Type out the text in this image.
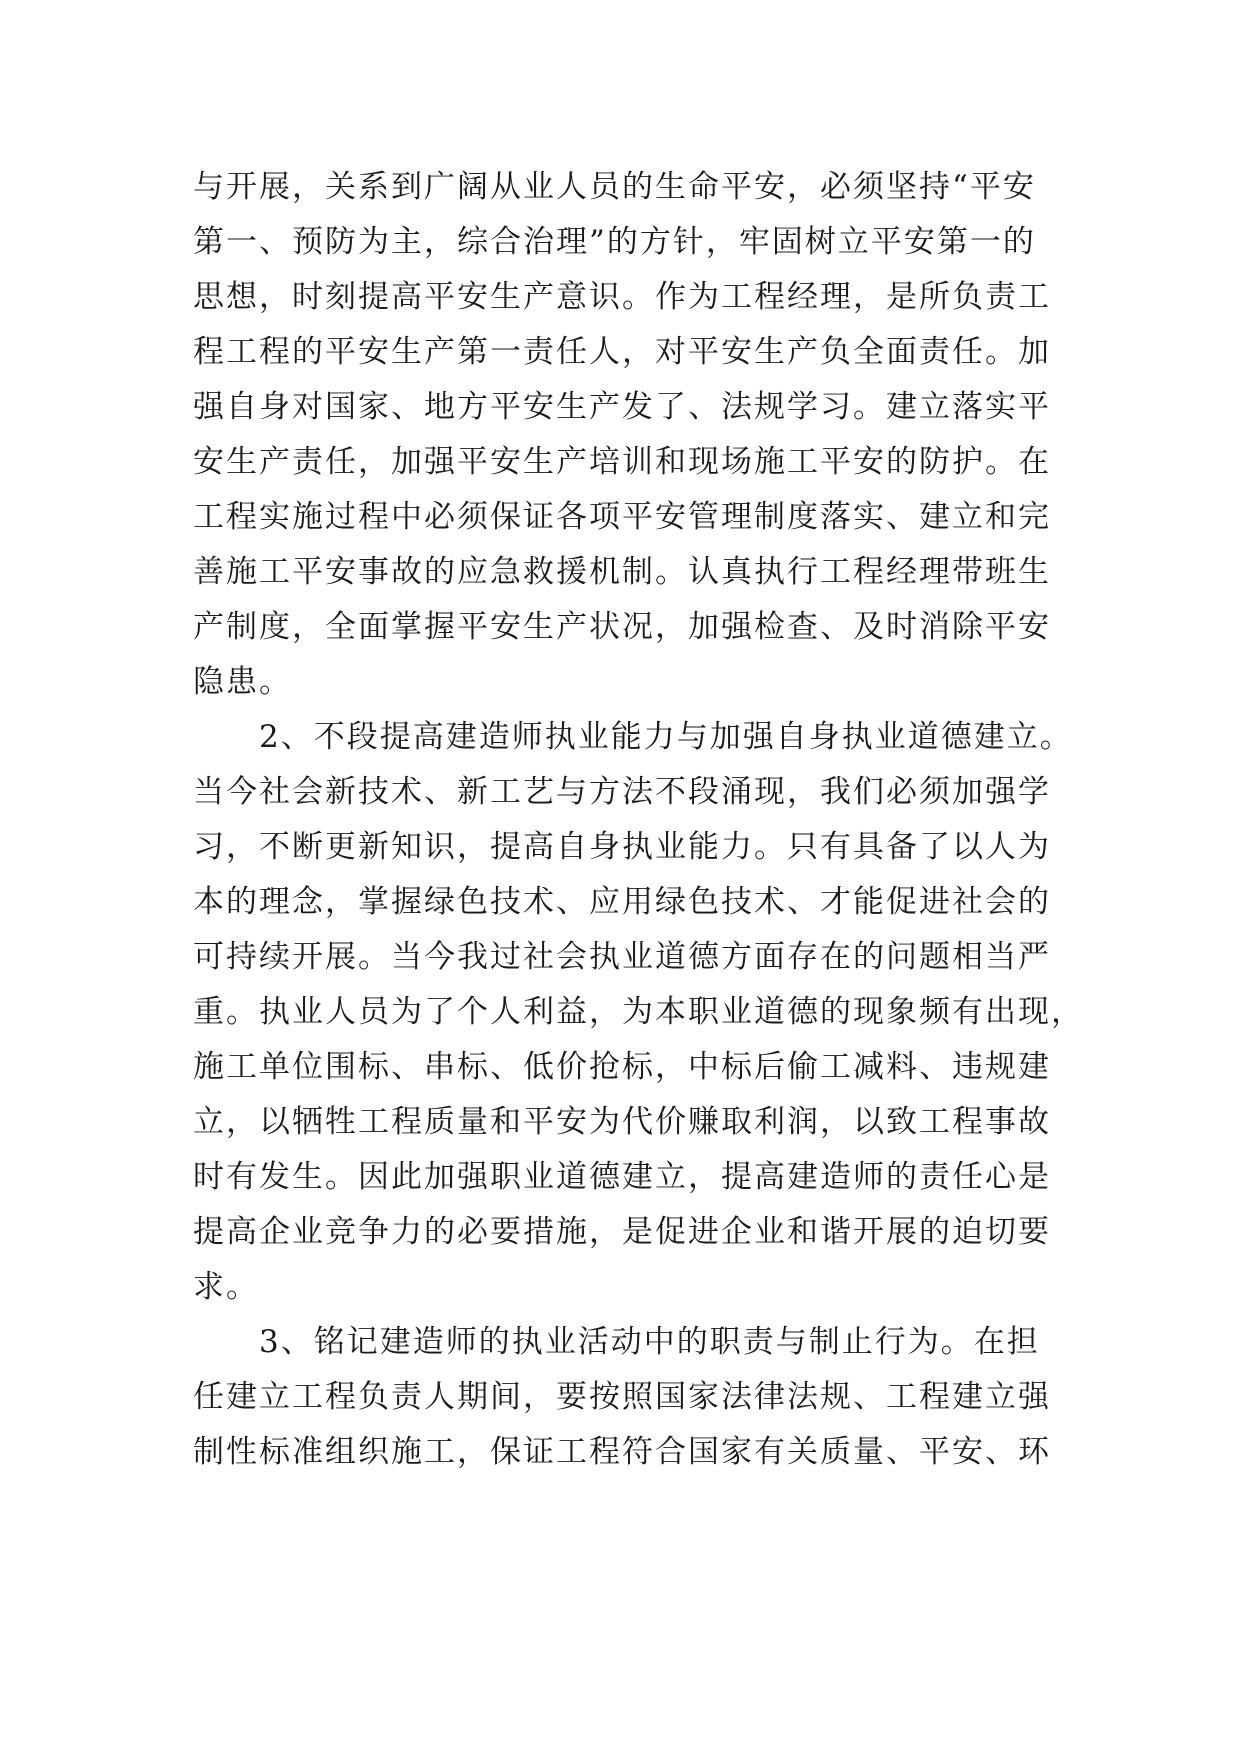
与开展，关系到广阔从业人员的生命平安，必须坚持“平安
第一、预防为主，综合治理”的方针，牢固树立平安第一的
思想，时刻提高平安生产意识。作为工程经理，是所负责工
程工程的平安生产第一责任人，对平安生产负全面责任。加
强自身对国家、地方平安生产发了、法规学习。建立落实平
安生产责任，加强平安生产培训和现场施工平安的防护。在
工程实施过程中必须保证各项平安管理制度落实、建立和完
善施工平安事故的应急救援机制。认真执行工程经理带班生
产制度，全面掌握平安生产状况，加强检查、及时消除平安
隐患。
　　2、不段提高建造师执业能力与加强自身执业道德建立。
当今社会新技术、新工艺与方法不段涌现，我们必须加强学
习，不断更新知识，提高自身执业能力。只有具备了以人为
本的理念，掌握绿色技术、应用绿色技术、才能促进社会的
可持续开展。当今我过社会执业道德方面存在的问题相当严
重。执业人员为了个人利益，为本职业道德的现象频有出现，
施工单位围标、串标、低价抢标，中标后偷工减料、违规建
立，以牺牲工程质量和平安为代价赚取利润，以致工程事故
时有发生。因此加强职业道德建立，提高建造师的责任心是
提高企业竞争力的必要措施，是促进企业和谐开展的迫切要
求。
　　3、铭记建造师的执业活动中的职责与制止行为。在担
任建立工程负责人期间，要按照国家法律法规、工程建立强
制性标准组织施工，保证工程符合国家有关质量、平安、环
